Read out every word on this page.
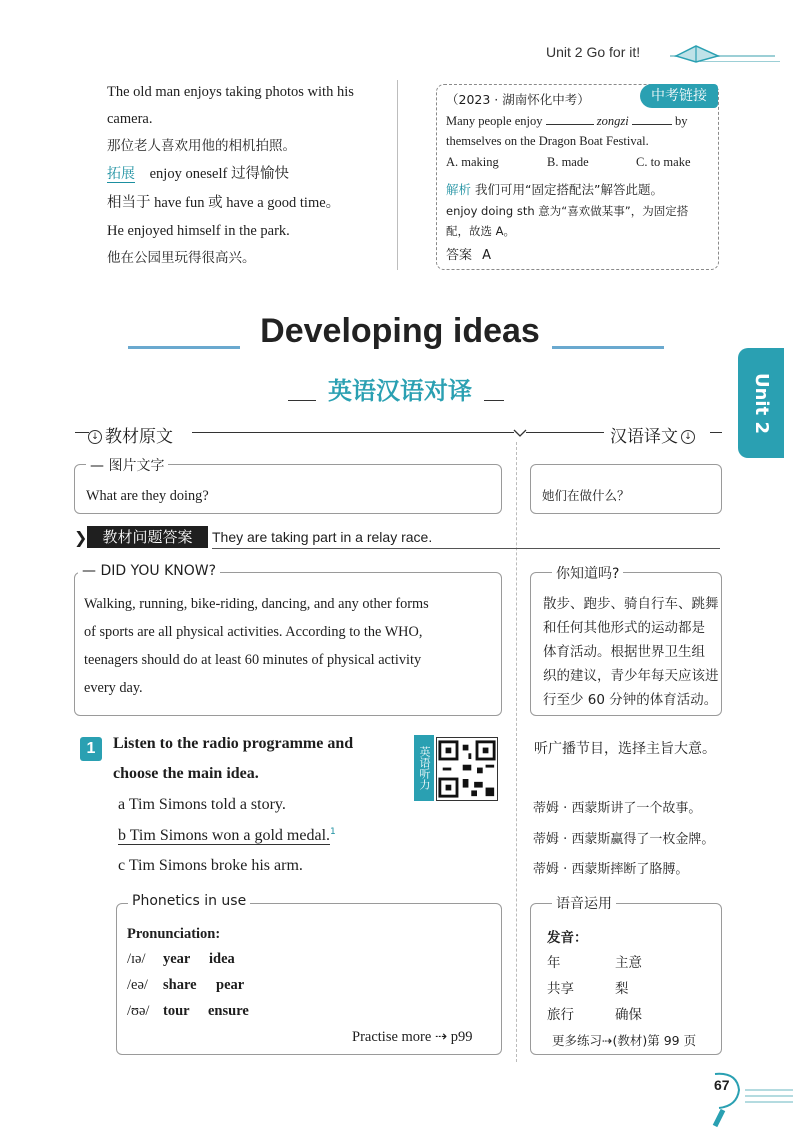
Unit 2 Go for it!
The old man enjoys taking photos with his
camera.
那位老人喜欢用他的相机拍照。
拓展 enjoy oneself 过得愉快
相当于 have fun 或 have a good time。
He enjoyed himself in the park.
他在公园里玩得很高兴。
中考链接
（2023 · 湖南怀化中考）
Many people enjoy	zongzi	by
themselves on the Dragon Boat Festival.
A. making	B. made	C. to make
解析 我们可用“固定搭配法”解答此题。
enjoy doing sth 意为“喜欢做某事”，为固定搭
配，故选 A。
答案 A
Developing ideas
英语汉语对译	Unit 2
↓ 教材原文	汉语译文 ↓
— 图片文字
What are they doing?	她们在做什么？
❯	教材问题答案	They are taking part in a relay race.
— DID YOU KNOW?
Walking, running, bike-riding, dancing, and any other forms
of sports are all physical activities. According to the WHO,
teenagers should do at least 60 minutes of physical activity
every day.
你知道吗?
散步、跑步、骑自行车、跳舞
和任何其他形式的运动都是
体育活动。根据世界卫生组
织的建议，青少年每天应该进
行至少 60 分钟的体育活动。
1	Listen to the radio programme and
choose the main idea.	英语听力	听广播节目，选择主旨大意。
a Tim Simons told a story.
b Tim Simons won a gold medal.$^1$
c Tim Simons broke his arm.
蒂姆 · 西蒙斯讲了一个故事。
蒂姆 · 西蒙斯赢得了一枚金牌。
蒂姆 · 西蒙斯摔断了胳膊。
Phonetics in use
Pronunciation:
/ɪə/ year idea
/eə/ share pear
/ʊə/ tour ensure
Practise more ⇢ p99
语音运用
发音：
年	主意
共享	梨
旅行	确保
更多练习⇢(教材)第 99 页
67
